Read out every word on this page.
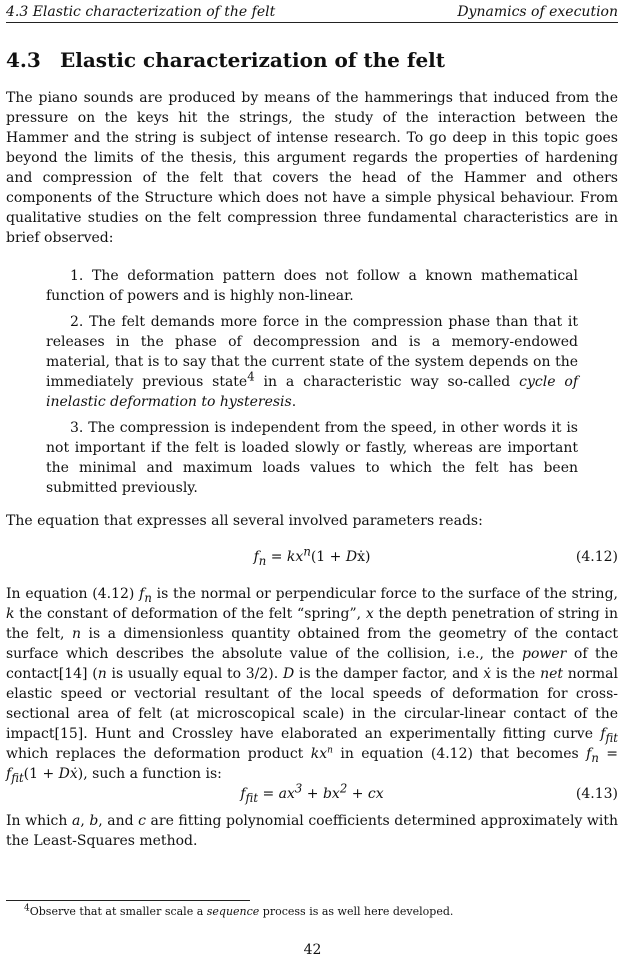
4.3 Elastic characterization of the felt	Dynamics of execution
4.3 Elastic characterization of the felt
The piano sounds are produced by means of the hammerings that induced from the pressure on the keys hit the strings, the study of the interaction between the Hammer and the string is subject of intense research. To go deep in this topic goes beyond the limits of the thesis, this argument regards the properties of hardening and compression of the felt that covers the head of the Hammer and others components of the Structure which does not have a simple physical behaviour. From qualitative studies on the felt compression three fundamental characteristics are in brief observed:
1. The deformation pattern does not follow a known mathematical function of powers and is highly non-linear.
2. The felt demands more force in the compression phase than that it releases in the phase of decompression and is a memory-endowed material, that is to say that the current state of the system depends on the immediately previous state$^4$ in a characteristic way so-called cycle of inelastic deformation to hysteresis.
3. The compression is independent from the speed, in other words it is not important if the felt is loaded slowly or fastly, whereas are important the minimal and maximum loads values to which the felt has been submitted previously.
The equation that expresses all several involved parameters reads:
$f_n = kx^n(1$ + Dẋ)	(4.12)
In equation (4.12) $f_n$ is the normal or perpendicular force to the surface of the string, k the constant of deformation of the felt “spring”, x the depth penetration of string in the felt, n is a dimensionless quantity obtained from the geometry of the contact surface which describes the absolute value of the collision, i.e., the power of the contact[14] (n is usually equal to 3/2). D is the damper factor, and ẋ is the net normal elastic speed or vectorial resultant of the local speeds of deformation for cross-sectional area of felt (at microscopical scale) in the circular-linear contact of the impact[15]. Hunt and Crossley have elaborated an experimentally fitting curve $f_{fit}$ which replaces the deformation product $kx^n$ in equation (4.12) that becomes $f_n = f_{fit}(1$ + Dẋ), such a function is:
$f_{fit} = ax^3 + bx^2$ + cx	(4.13)
In which a, b, and c are fitting polynomial coefficients determined approximately with the Least-Squares method.
$^4$Observe that at smaller scale a sequence process is as well here developed.
42
